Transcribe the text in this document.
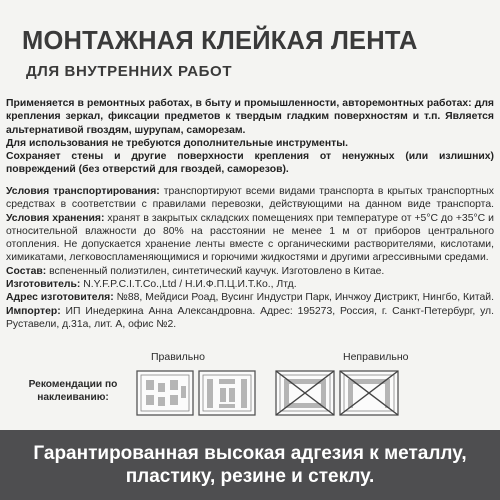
МОНТАЖНАЯ КЛЕЙКАЯ ЛЕНТА
ДЛЯ ВНУТРЕННИХ РАБОТ

Применяется в ремонтных работах, в быту и промышленности, авторемонтных работах: для крепления зеркал, фиксации предметов к твердым гладким поверхностям и т.п. Является альтернативой гвоздям, шурупам, саморезам.

Для использования не требуются дополнительные инструменты.

Сохраняет стены и другие поверхности крепления от ненужных (или излишних) повреждений (без отверстий для гвоздей, саморезов).

Условия транспортирования: транспортируют всеми видами транспорта в крытых транспортных средствах в соответствии с правилами перевозки, действующими на данном виде транспорта. Условия хранения: хранят в закрытых складских помещениях при температуре от +5°С до +35°С и относительной влажности до 80% на расстоянии не менее 1 м от приборов центрального отопления. Не допускается хранение ленты вместе с органическими растворителями, кислотами, химикатами, легковоспламеняющимися и горючими жидкостями и другими агрессивными средами.

Состав: вспененный полиэтилен, синтетический каучук. Изготовлено в Китае.

Изготовитель: N.Y.F.P.C.I.T.Co.,Ltd / Н.И.Ф.П.Ц.И.Т.Ко., Лтд.

Адрес изготовителя: №88, Мейдиси Роад, Вусинг Индустри Парк, Инчжоу Дистрикт, Нингбо, Китай. Импортер: ИП Инедеркина Анна Александровна. Адрес: 195273, Россия, г. Санкт-Петербург, ул. Руставели, д.31а, лит. А, офис №2.

Рекомендации по наклеиванию:
Правильно	Неправильно
Гарантированная высокая адгезия к металлу,
пластику, резине и стеклу.
